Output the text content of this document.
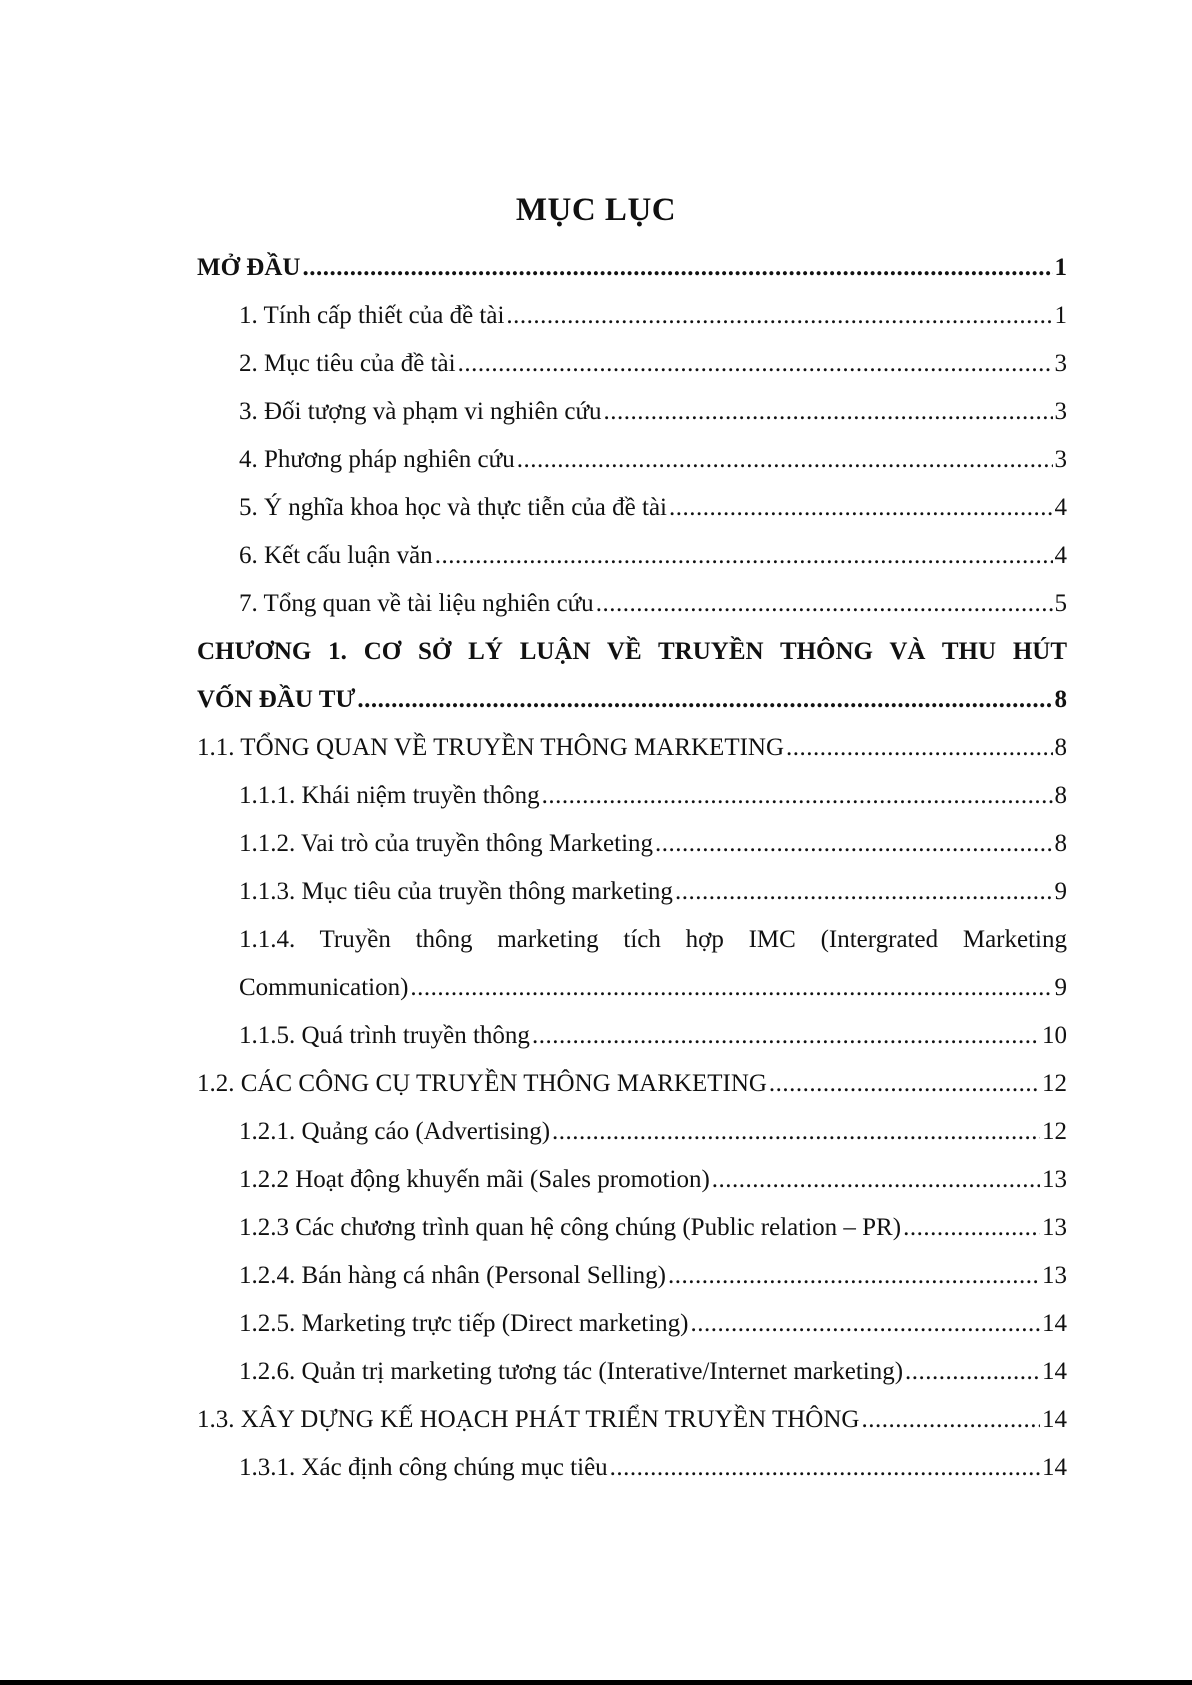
MỤC LỤC
MỞ ĐẦU .....	1
1. Tính cấp thiết của đề tài .....	1
2. Mục tiêu của đề tài .....	3
3. Đối tượng và phạm vi nghiên cứu .....	3
4. Phương pháp nghiên cứu .....	3
5. Ý nghĩa khoa học và thực tiễn của đề tài .....	4
6. Kết cấu luận văn .....	4
7. Tổng quan về tài liệu nghiên cứu .....	5
CHƯƠNG 1. CƠ SỞ LÝ LUẬN VỀ TRUYỀN THÔNG VÀ THU HÚT
VỐN ĐẦU TƯ .....	8
1.1. TỔNG QUAN VỀ TRUYỀN THÔNG MARKETING .....	8
1.1.1. Khái niệm truyền thông .....	8
1.1.2. Vai trò của truyền thông Marketing .....	8
1.1.3. Mục tiêu của truyền thông marketing .....	9
1.1.4. Truyền thông marketing tích hợp IMC (Intergrated Marketing
Communication) .....	9
1.1.5. Quá trình truyền thông .....	10
1.2. CÁC CÔNG CỤ TRUYỀN THÔNG MARKETING .....	12
1.2.1. Quảng cáo (Advertising) .....	12
1.2.2 Hoạt động khuyến mãi (Sales promotion) .....	13
1.2.3 Các chương trình quan hệ công chúng (Public relation – PR) .....	13
1.2.4. Bán hàng cá nhân (Personal Selling) .....	13
1.2.5. Marketing trực tiếp (Direct marketing) .....	14
1.2.6. Quản trị marketing tương tác (Interative/Internet marketing) .....	14
1.3. XÂY DỰNG KẾ HOẠCH PHÁT TRIỂN TRUYỀN THÔNG .....	14
1.3.1. Xác định công chúng mục tiêu .....	14
